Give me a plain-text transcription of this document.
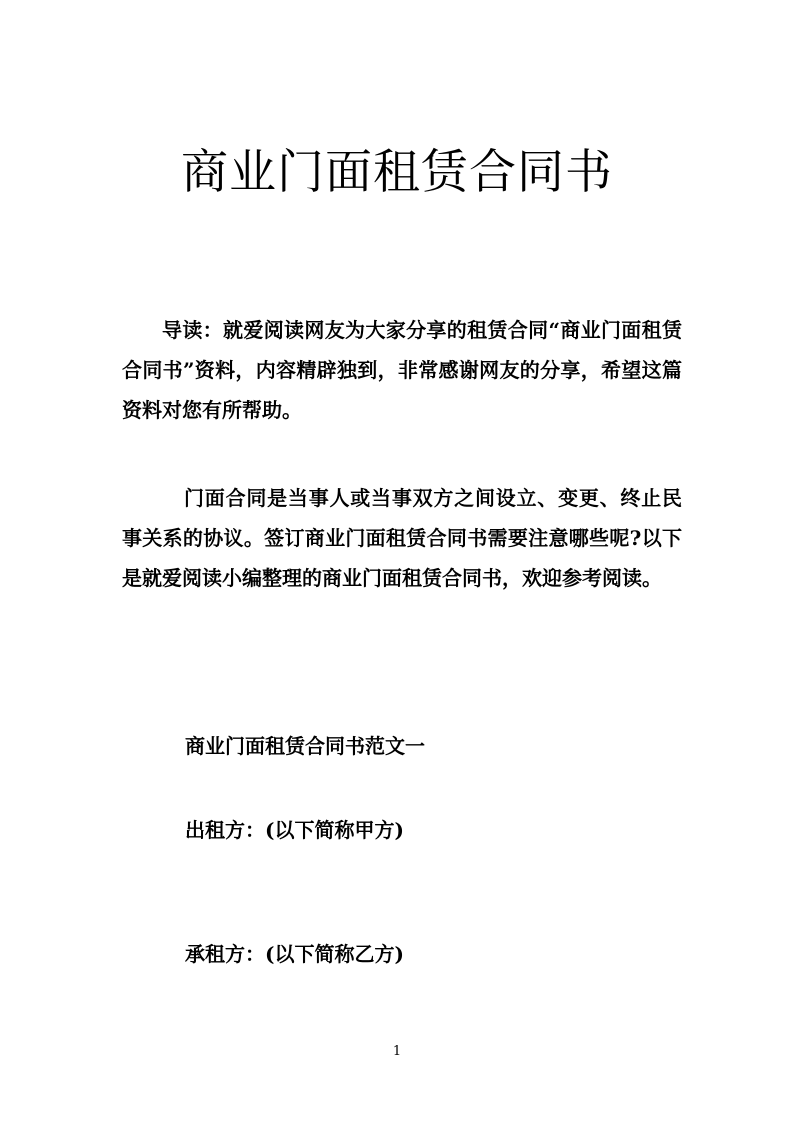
商业门面租赁合同书
导读：就爱阅读网友为大家分享的租赁合同“商业门面租赁合同书”资料，内容精辟独到，非常感谢网友的分享，希望这篇资料对您有所帮助。
门面合同是当事人或当事双方之间设立、变更、终止民事关系的协议。签订商业门面租赁合同书需要注意哪些呢?以下是就爱阅读小编整理的商业门面租赁合同书，欢迎参考阅读。
商业门面租赁合同书范文一
出租方：(以下简称甲方)
承租方：(以下简称乙方)
1
